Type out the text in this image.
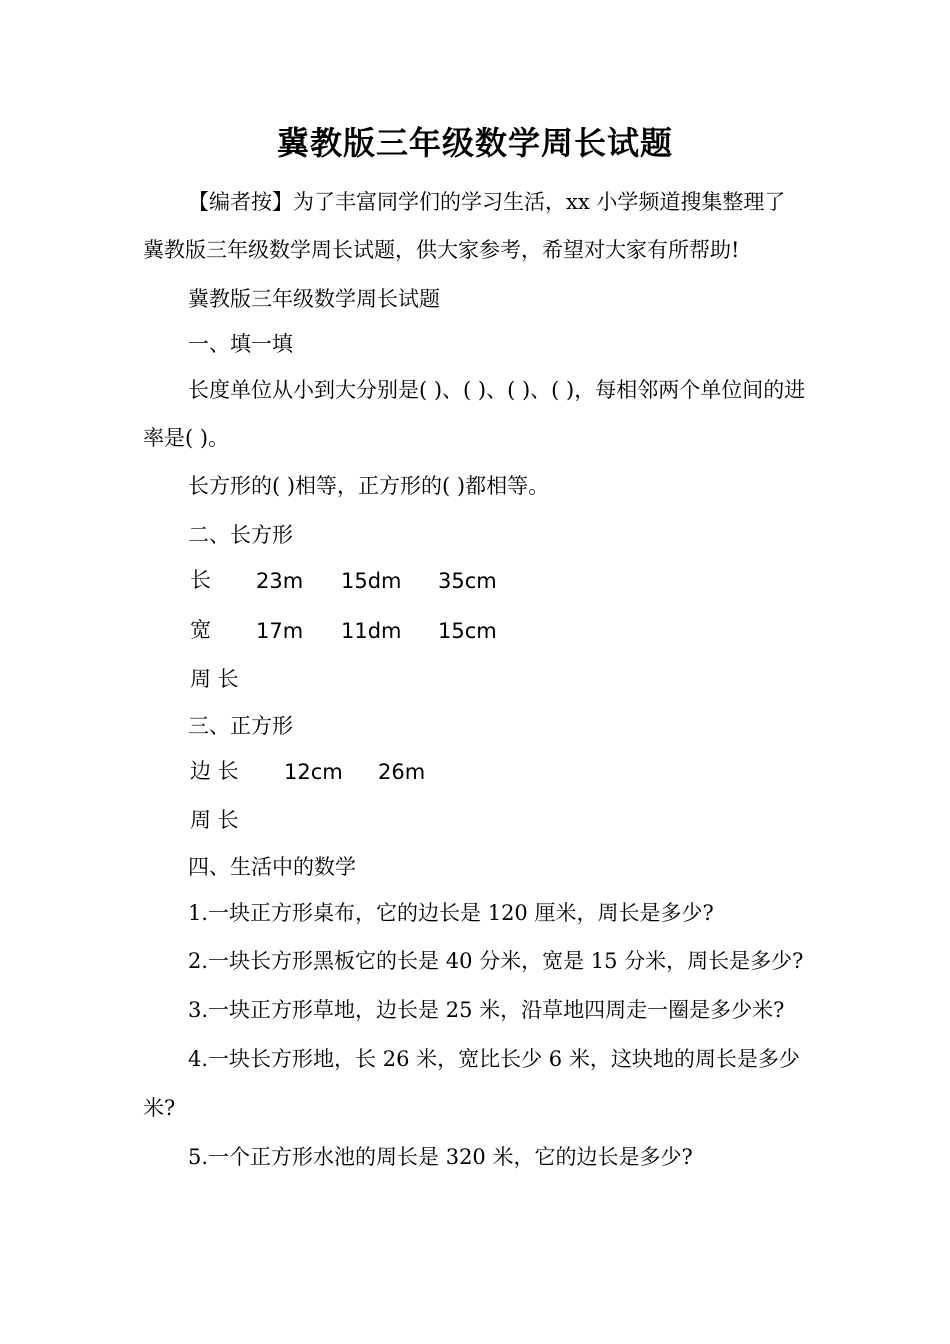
冀教版三年级数学周长试题
【编者按】为了丰富同学们的学习生活，xx 小学频道搜集整理了
冀教版三年级数学周长试题，供大家参考，希望对大家有所帮助!
冀教版三年级数学周长试题
一、填一填
长度单位从小到大分别是( )、( )、( )、( )，每相邻两个单位间的进
率是( )。
长方形的( )相等，正方形的( )都相等。
二、长方形
长 23m 15dm 35cm
宽 17m 11dm 15cm
周 长
三、正方形
边 长 12cm 26m
周 长
四、生活中的数学
1.一块正方形桌布，它的边长是 120 厘米，周长是多少?
2.一块长方形黑板它的长是 40 分米，宽是 15 分米，周长是多少?
3.一块正方形草地，边长是 25 米，沿草地四周走一圈是多少米?
4.一块长方形地，长 26 米，宽比长少 6 米，这块地的周长是多少
米?
5.一个正方形水池的周长是 320 米，它的边长是多少?
